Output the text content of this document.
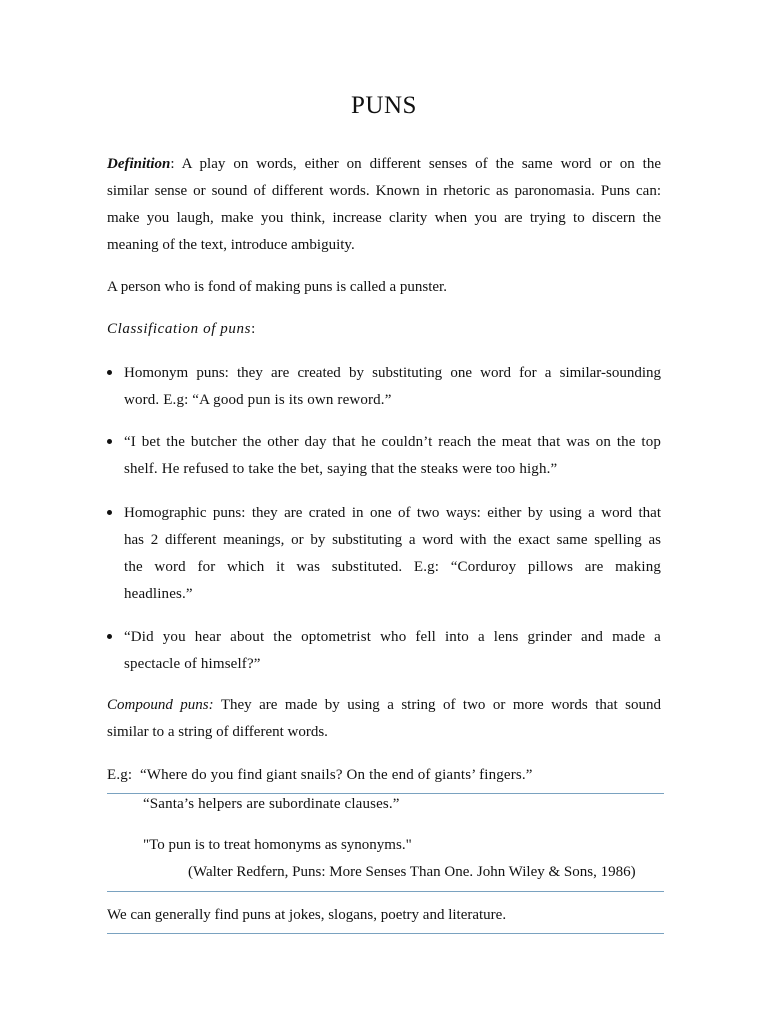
PUNS
Definition: A play on words, either on different senses of the same word or on the
similar sense or sound of different words. Known in rhetoric as paronomasia. Puns can:
make you laugh, make you think, increase clarity when you are trying to discern the
meaning of the text, introduce ambiguity.
A person who is fond of making puns is called a punster.
Classification of puns:
Homonym puns: they are created by substituting one word for a similar-sounding
word. E.g: “A good pun is its own reword.”
“I bet the butcher the other day that he couldn’t reach the meat that was on the top
shelf. He refused to take the bet, saying that the steaks were too high.”
Homographic puns: they are crated in one of two ways: either by using a word that
has 2 different meanings, or by substituting a word with the exact same spelling as
the word for which it was substituted. E.g: “Corduroy pillows are making
headlines.”
“Did you hear about the optometrist who fell into a lens grinder and made a
spectacle of himself?”
Compound puns: They are made by using a string of two or more words that sound
similar to a string of different words.
E.g: “Where do you find giant snails? On the end of giants’ fingers.”
“Santa’s helpers are subordinate clauses.”
"To pun is to treat homonyms as synonyms."
(Walter Redfern, Puns: More Senses Than One. John Wiley & Sons, 1986)
We can generally find puns at jokes, slogans, poetry and literature.
